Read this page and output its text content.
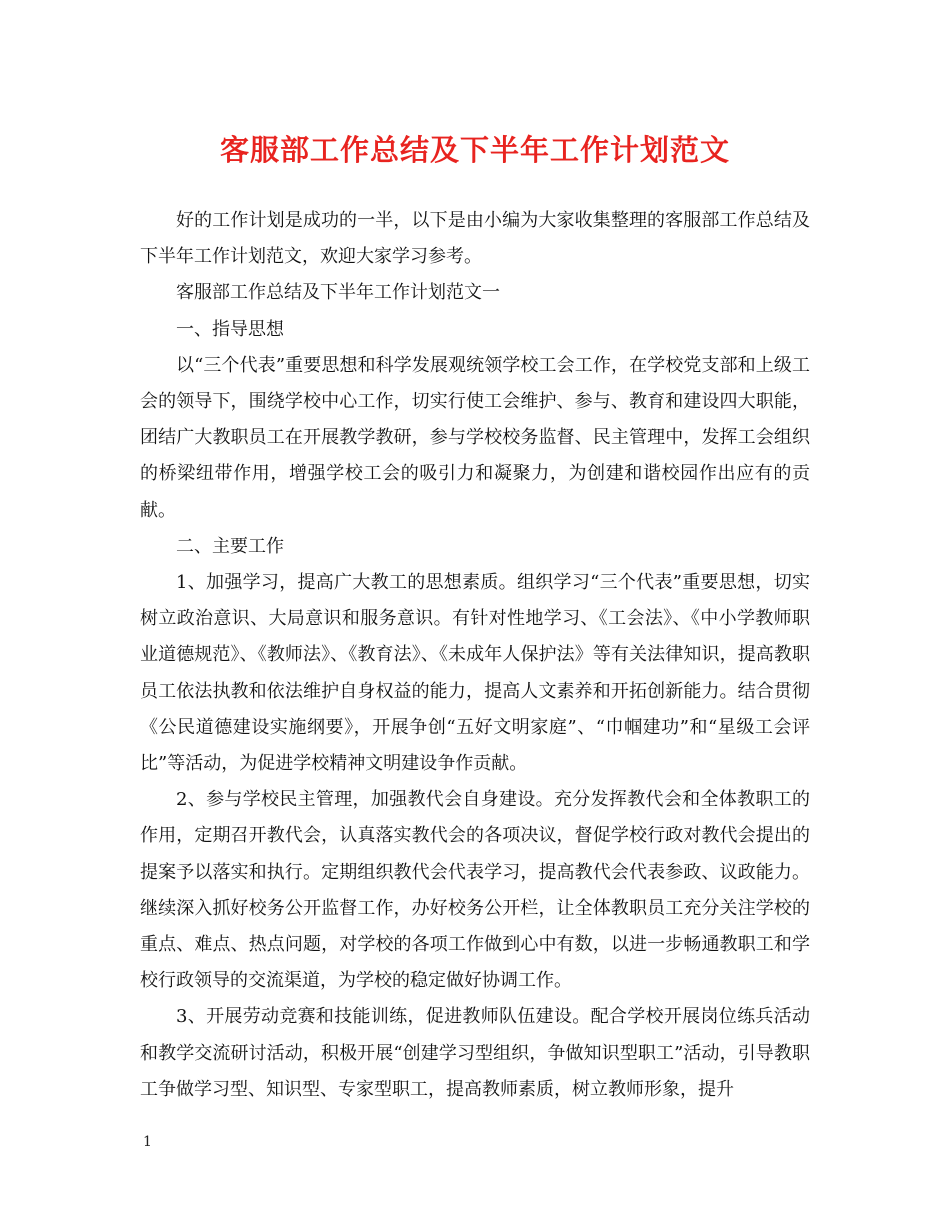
客服部工作总结及下半年工作计划范文

好的工作计划是成功的一半，以下是由小编为大家收集整理的客服部工作总结及下半年工作计划范文，欢迎大家学习参考。

客服部工作总结及下半年工作计划范文一

一、指导思想

以“三个代表”重要思想和科学发展观统领学校工会工作，在学校党支部和上级工会的领导下，围绕学校中心工作，切实行使工会维护、参与、教育和建设四大职能，团结广大教职员工在开展教学教研，参与学校校务监督、民主管理中，发挥工会组织的桥梁纽带作用，增强学校工会的吸引力和凝聚力，为创建和谐校园作出应有的贡献。

二、主要工作

1、加强学习，提高广大教工的思想素质。组织学习“三个代表”重要思想，切实树立政治意识、大局意识和服务意识。有针对性地学习、《工会法》、《中小学教师职业道德规范》、《教师法》、《教育法》、《未成年人保护法》等有关法律知识，提高教职员工依法执教和依法维护自身权益的能力，提高人文素养和开拓创新能力。结合贯彻《公民道德建设实施纲要》，开展争创“五好文明家庭”、“巾帼建功”和“星级工会评比”等活动，为促进学校精神文明建设争作贡献。

2、参与学校民主管理，加强教代会自身建设。充分发挥教代会和全体教职工的作用，定期召开教代会，认真落实教代会的各项决议，督促学校行政对教代会提出的提案予以落实和执行。定期组织教代会代表学习，提高教代会代表参政、议政能力。继续深入抓好校务公开监督工作，办好校务公开栏，让全体教职员工充分关注学校的重点、难点、热点问题，对学校的各项工作做到心中有数，以进一步畅通教职工和学校行政领导的交流渠道，为学校的稳定做好协调工作。

3、开展劳动竞赛和技能训练，促进教师队伍建设。配合学校开展岗位练兵活动和教学交流研讨活动，积极开展“创建学习型组织，争做知识型职工”活动，引导教职工争做学习型、知识型、专家型职工，提高教师素质，树立教师形象，提升

1
